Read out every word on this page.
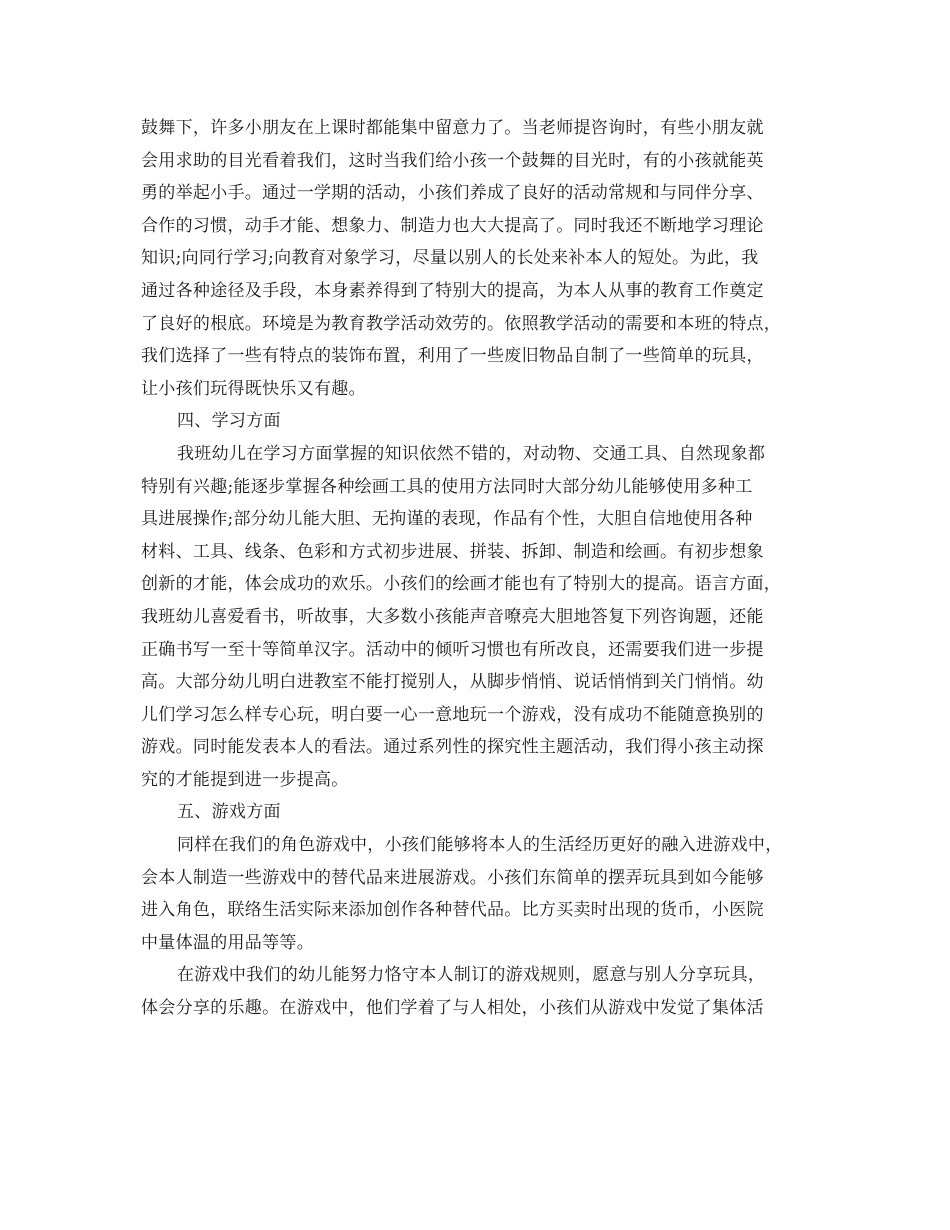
鼓舞下，许多小朋友在上课时都能集中留意力了。当老师提咨询时，有些小朋友就
会用求助的目光看着我们，这时当我们给小孩一个鼓舞的目光时，有的小孩就能英
勇的举起小手。通过一学期的活动，小孩们养成了良好的活动常规和与同伴分享、
合作的习惯，动手才能、想象力、制造力也大大提高了。同时我还不断地学习理论
知识;向同行学习;向教育对象学习，尽量以别人的长处来补本人的短处。为此，我
通过各种途径及手段，本身素养得到了特别大的提高，为本人从事的教育工作奠定
了良好的根底。环境是为教育教学活动效劳的。依照教学活动的需要和本班的特点，
我们选择了一些有特点的装饰布置，利用了一些废旧物品自制了一些简单的玩具，
让小孩们玩得既快乐又有趣。
四、学习方面
我班幼儿在学习方面掌握的知识依然不错的，对动物、交通工具、自然现象都
特别有兴趣;能逐步掌握各种绘画工具的使用方法同时大部分幼儿能够使用多种工
具进展操作;部分幼儿能大胆、无拘谨的表现，作品有个性，大胆自信地使用各种
材料、工具、线条、色彩和方式初步进展、拼装、拆卸、制造和绘画。有初步想象
创新的才能，体会成功的欢乐。小孩们的绘画才能也有了特别大的提高。语言方面，
我班幼儿喜爱看书，听故事，大多数小孩能声音嘹亮大胆地答复下列咨询题，还能
正确书写一至十等简单汉字。活动中的倾听习惯也有所改良，还需要我们进一步提
高。大部分幼儿明白进教室不能打搅别人，从脚步悄悄、说话悄悄到关门悄悄。幼
儿们学习怎么样专心玩，明白要一心一意地玩一个游戏，没有成功不能随意换别的
游戏。同时能发表本人的看法。通过系列性的探究性主题活动，我们得小孩主动探
究的才能提到进一步提高。
五、游戏方面
同样在我们的角色游戏中，小孩们能够将本人的生活经历更好的融入进游戏中，
会本人制造一些游戏中的替代品来进展游戏。小孩们东简单的摆弄玩具到如今能够
进入角色，联络生活实际来添加创作各种替代品。比方买卖时出现的货币，小医院
中量体温的用品等等。
在游戏中我们的幼儿能努力恪守本人制订的游戏规则，愿意与别人分享玩具，
体会分享的乐趣。在游戏中，他们学着了与人相处，小孩们从游戏中发觉了集体活
